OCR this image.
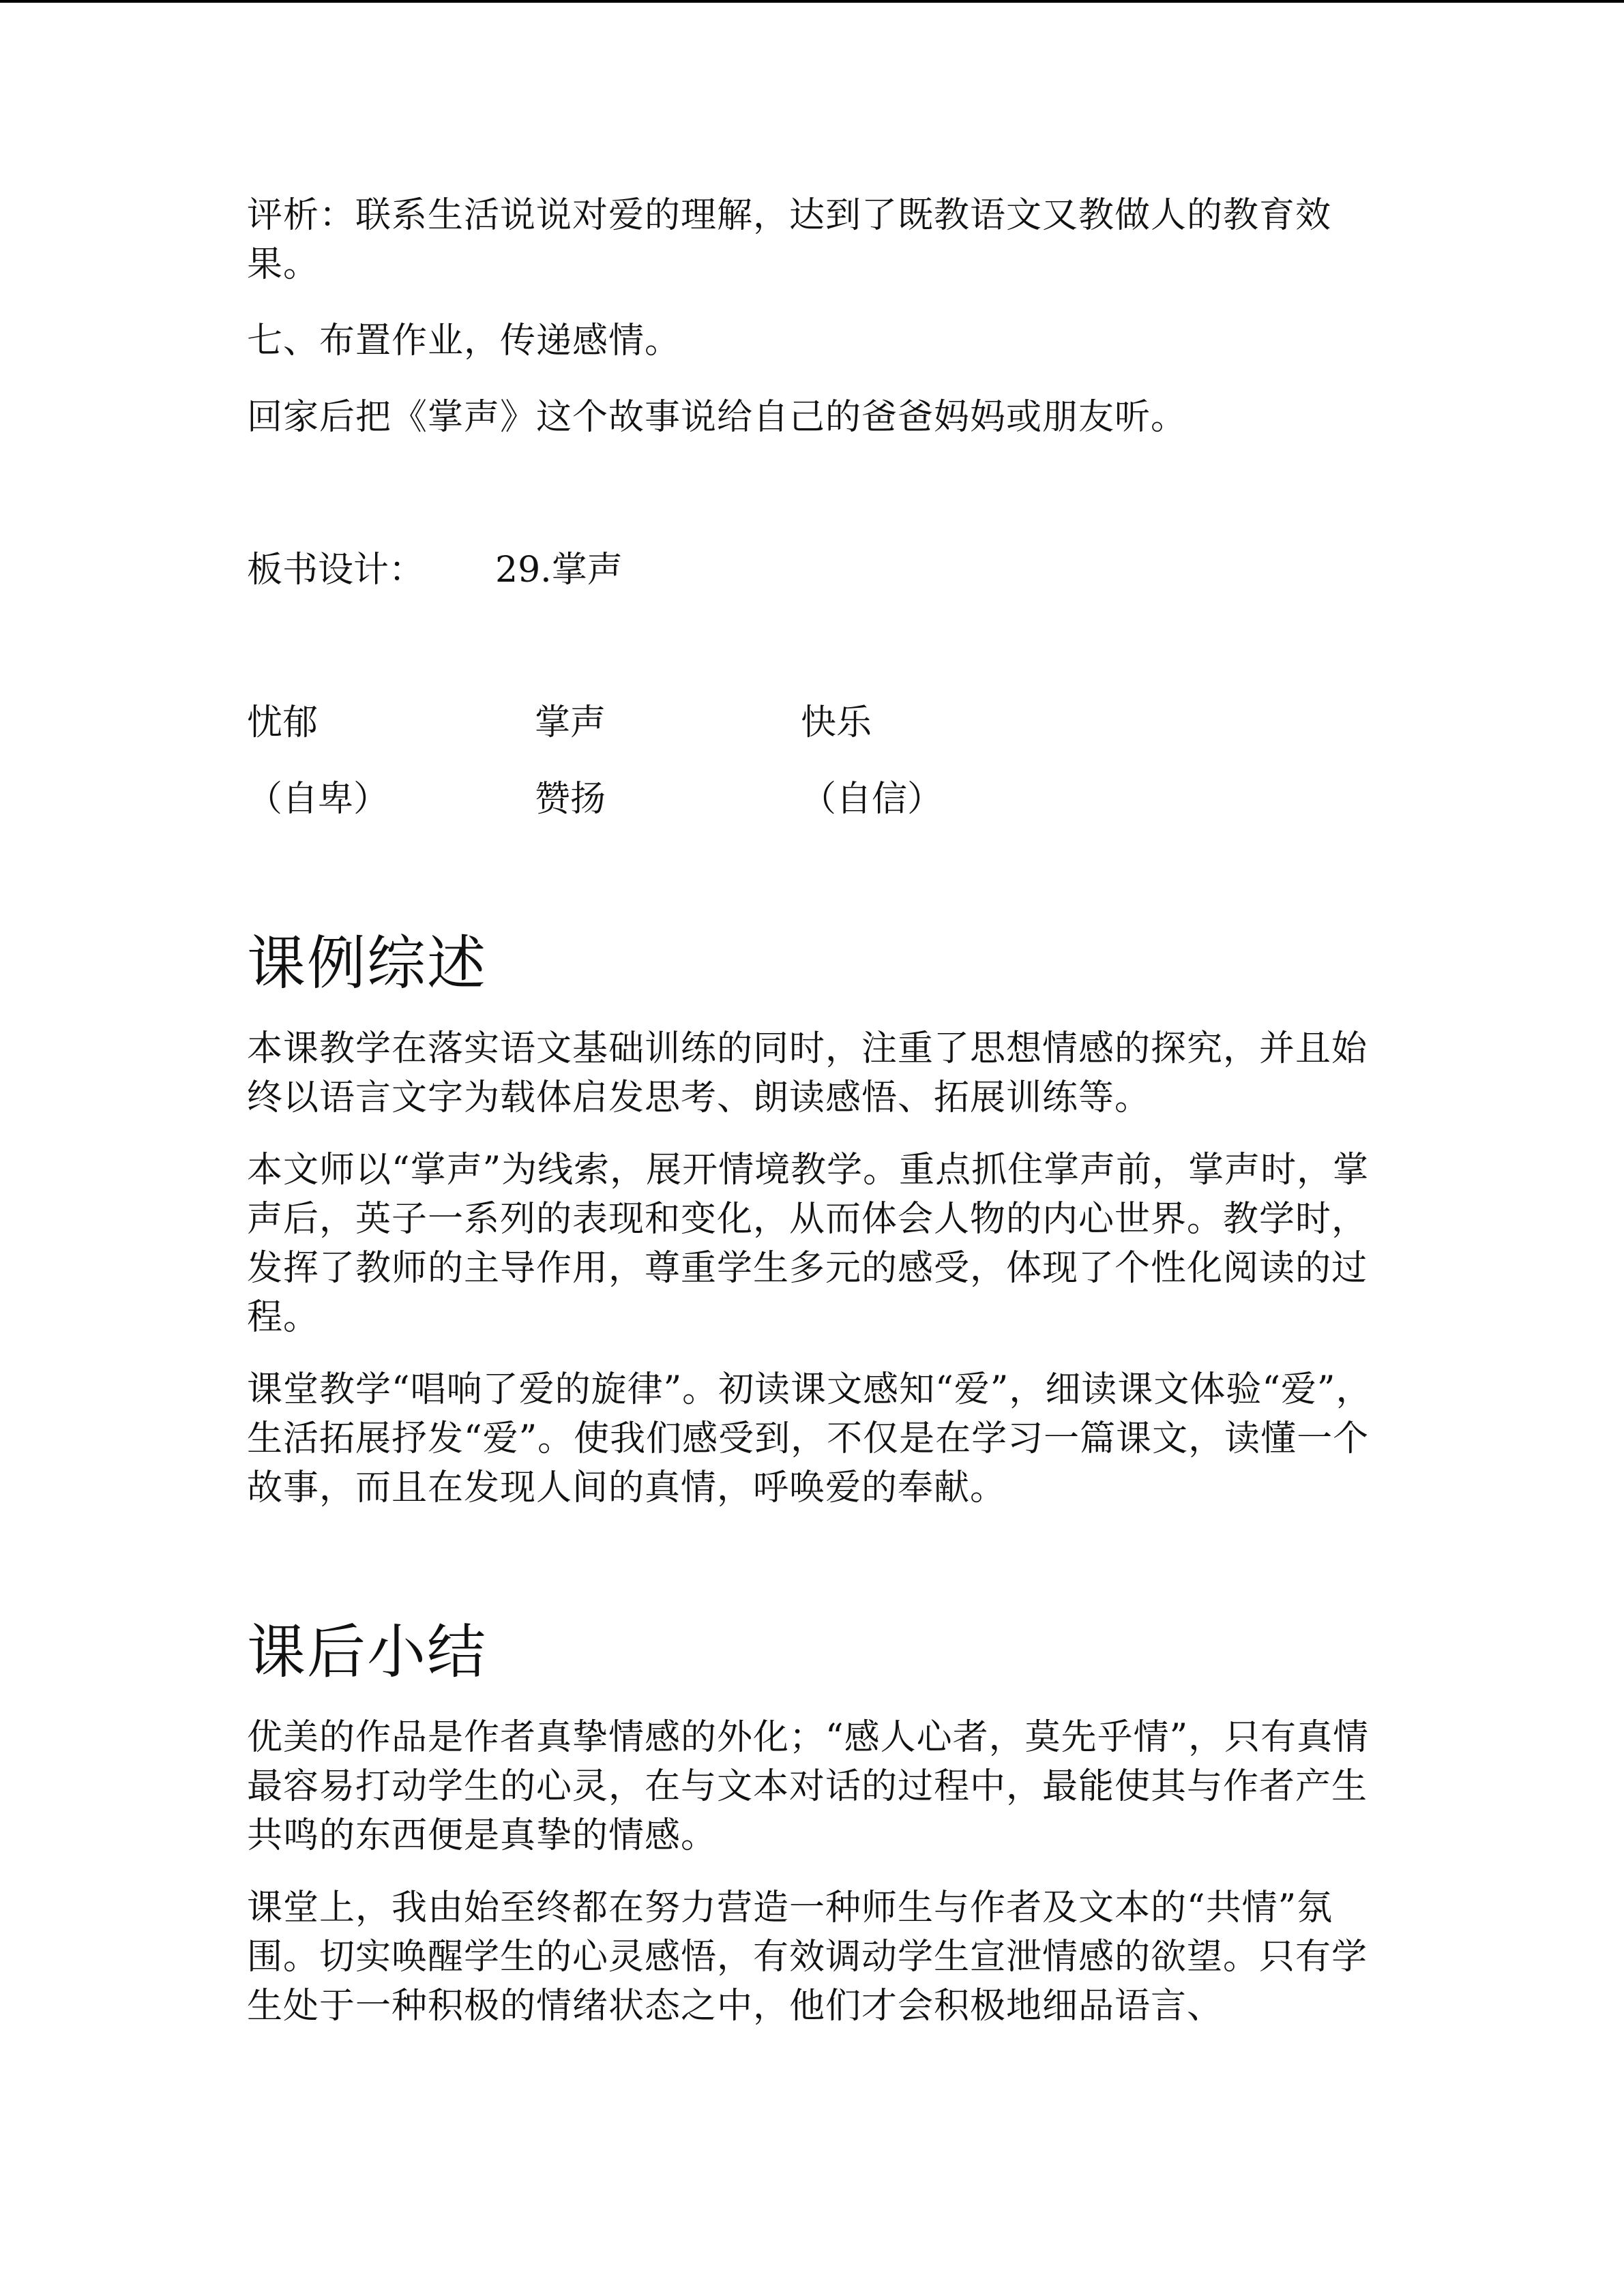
评析：联系生活说说对爱的理解，达到了既教语文又教做人的教育效果。

七、布置作业，传递感情。

回家后把《掌声》这个故事说给自己的爸爸妈妈或朋友听。

板书设计：	29.掌声
忧郁	掌声	快乐
（自卑）	赞扬	（自信）
课例综述

本课教学在落实语文基础训练的同时，注重了思想情感的探究，并且始终以语言文字为载体启发思考、朗读感悟、拓展训练等。

本文师以“掌声”为线索，展开情境教学。重点抓住掌声前，掌声时，掌声后，英子一系列的表现和变化，从而体会人物的内心世界。教学时，发挥了教师的主导作用，尊重学生多元的感受，体现了个性化阅读的过程。

课堂教学“唱响了爱的旋律”。初读课文感知“爱”，细读课文体验“爱”，生活拓展抒发“爱”。使我们感受到，不仅是在学习一篇课文，读懂一个故事，而且在发现人间的真情，呼唤爱的奉献。

课后小结

优美的作品是作者真挚情感的外化；“感人心者，莫先乎情”，只有真情最容易打动学生的心灵，在与文本对话的过程中，最能使其与作者产生共鸣的东西便是真挚的情感。

课堂上，我由始至终都在努力营造一种师生与作者及文本的“共情”氛围。切实唤醒学生的心灵感悟，有效调动学生宣泄情感的欲望。只有学生处于一种积极的情绪状态之中，他们才会积极地细品语言、
